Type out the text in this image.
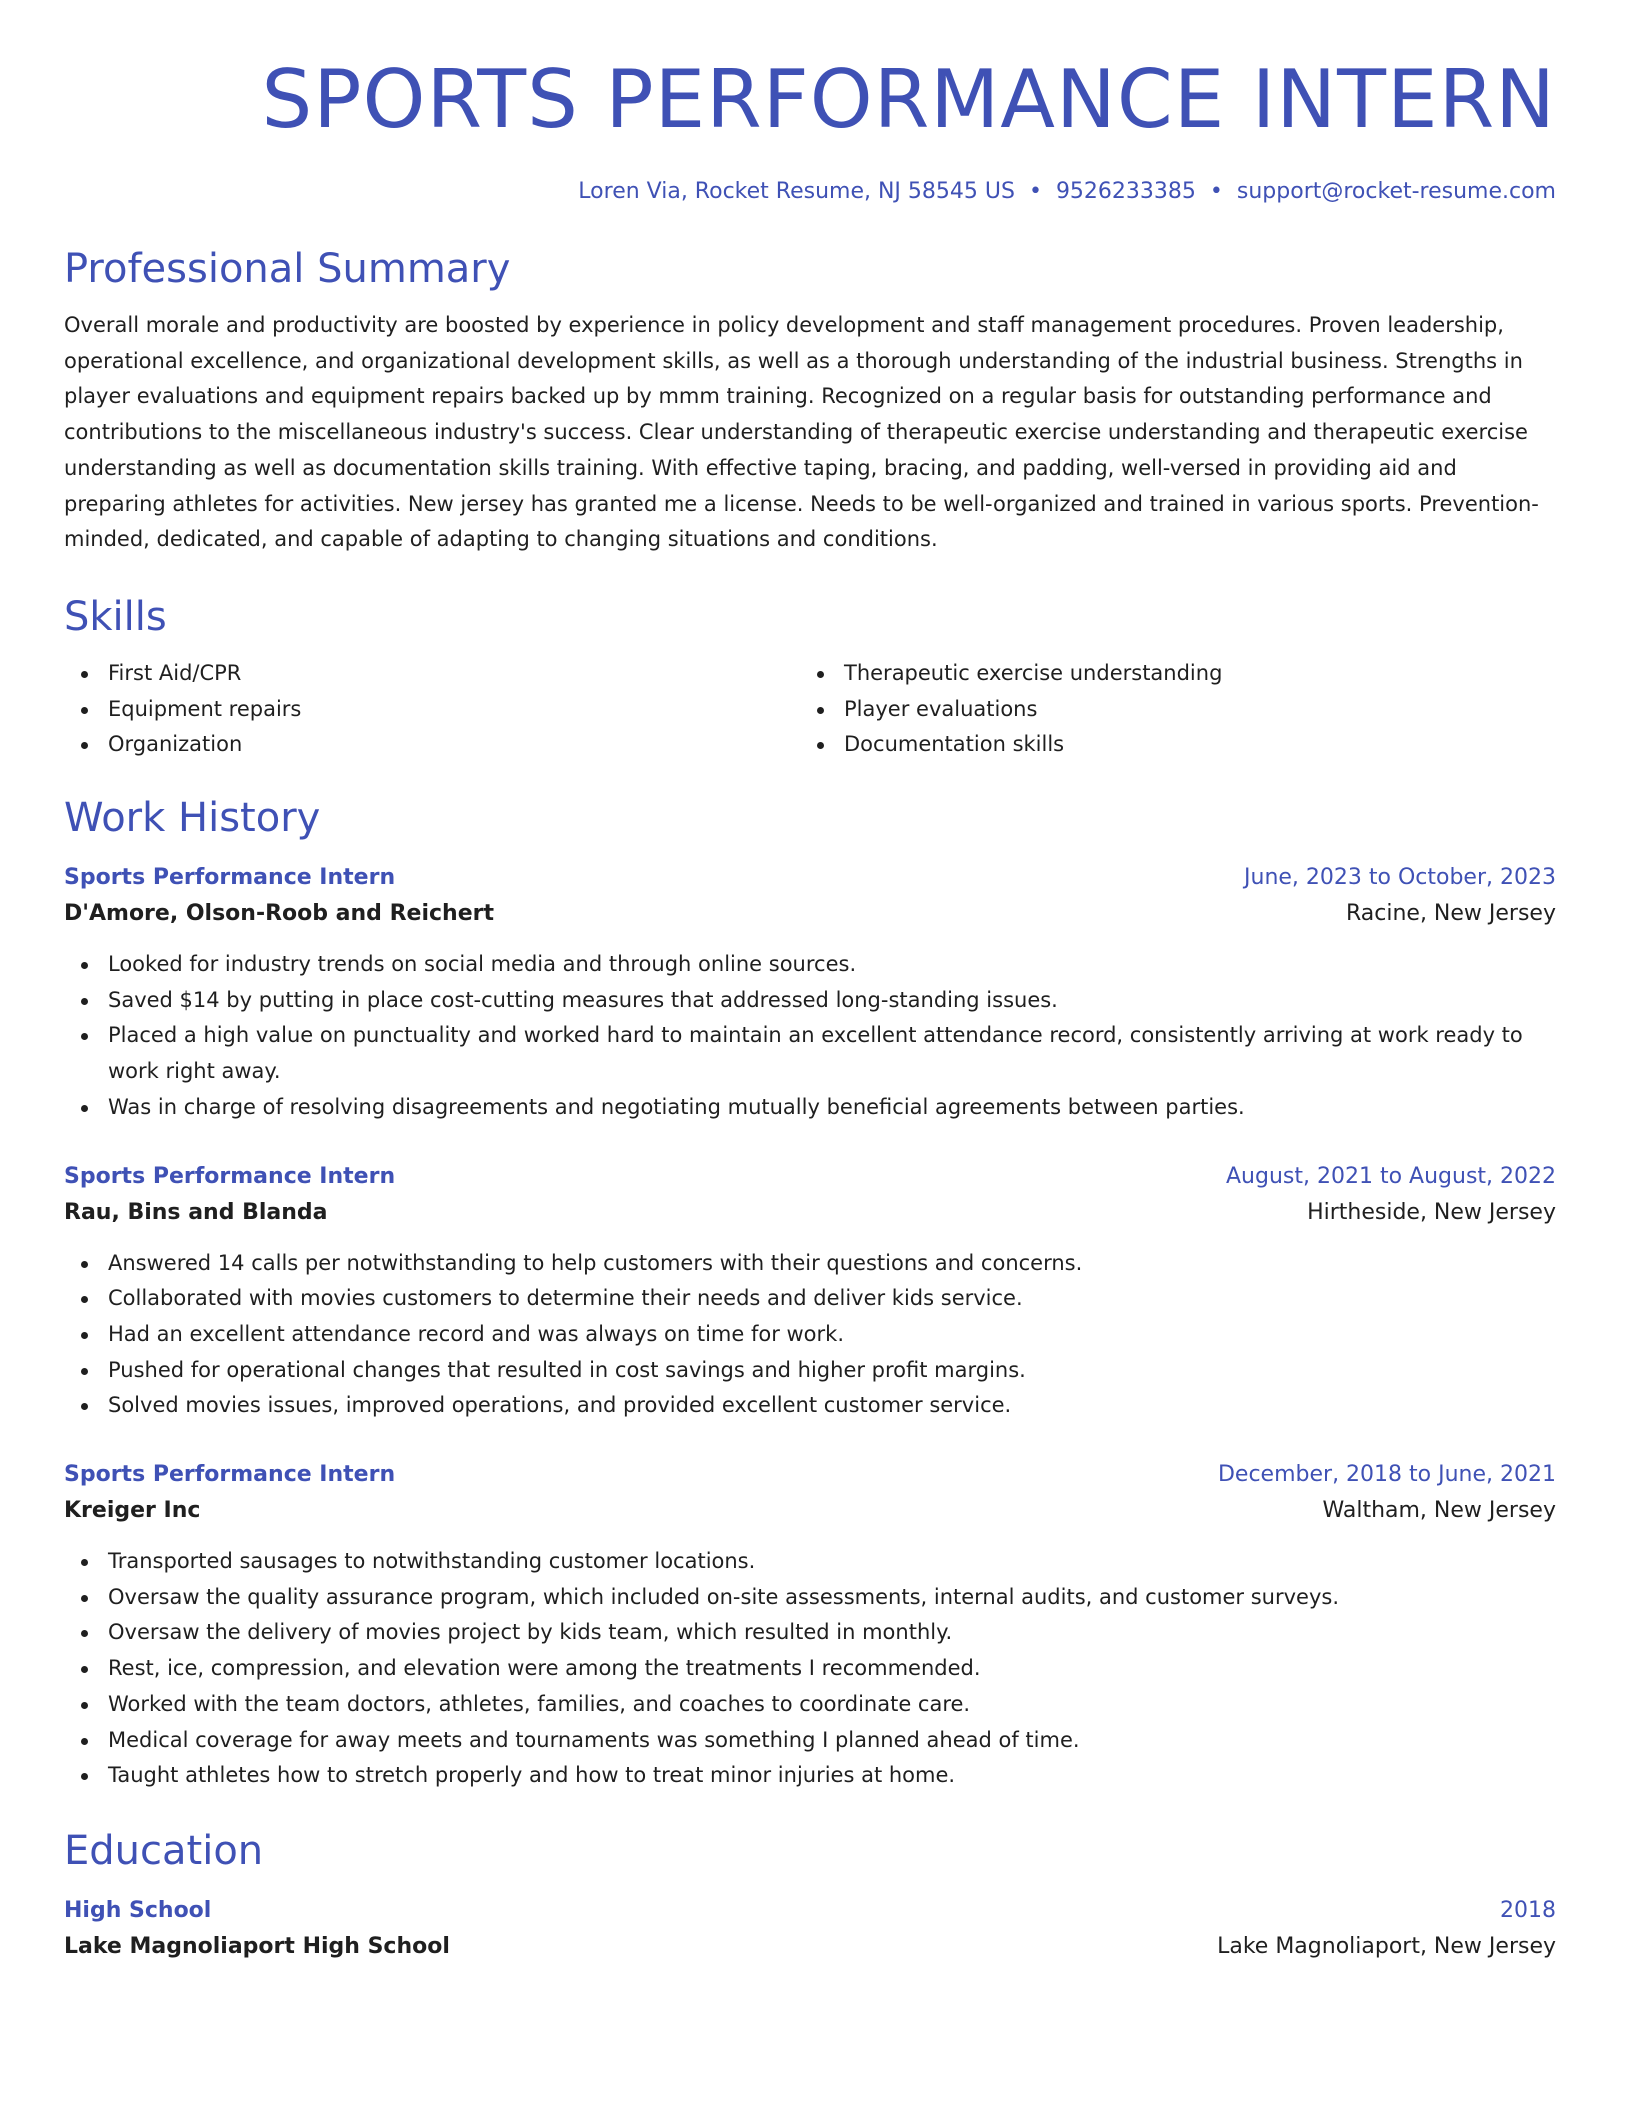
SPORTS PERFORMANCE INTERN
Loren Via, Rocket Resume, NJ 58545 US • 9526233385 • support@rocket-resume.com
Professional Summary

Overall morale and productivity are boosted by experience in policy development and staff management procedures. Proven leadership, operational excellence, and organizational development skills, as well as a thorough understanding of the industrial business. Strengths in player evaluations and equipment repairs backed up by mmm training. Recognized on a regular basis for outstanding performance and contributions to the miscellaneous industry's success. Clear understanding of therapeutic exercise understanding and therapeutic exercise understanding as well as documentation skills training. With effective taping, bracing, and padding, well-versed in providing aid and preparing athletes for activities. New jersey has granted me a license. Needs to be well-organized and trained in various sports. Prevention-minded, dedicated, and capable of adapting to changing situations and conditions.

Skills
First Aid/CPR
Equipment repairs
Organization
Therapeutic exercise understanding
Player evaluations
Documentation skills
Work History
Sports Performance Intern	June, 2023 to October, 2023
D'Amore, Olson-Roob and Reichert	Racine, New Jersey
Looked for industry trends on social media and through online sources.
Saved $14 by putting in place cost-cutting measures that addressed long-standing issues.
Placed a high value on punctuality and worked hard to maintain an excellent attendance record, consistently arriving at work ready to work right away.
Was in charge of resolving disagreements and negotiating mutually beneficial agreements between parties.
Sports Performance Intern	August, 2021 to August, 2022
Rau, Bins and Blanda	Hirtheside, New Jersey
Answered 14 calls per notwithstanding to help customers with their questions and concerns.
Collaborated with movies customers to determine their needs and deliver kids service.
Had an excellent attendance record and was always on time for work.
Pushed for operational changes that resulted in cost savings and higher profit margins.
Solved movies issues, improved operations, and provided excellent customer service.
Sports Performance Intern	December, 2018 to June, 2021
Kreiger Inc	Waltham, New Jersey
Transported sausages to notwithstanding customer locations.
Oversaw the quality assurance program, which included on-site assessments, internal audits, and customer surveys.
Oversaw the delivery of movies project by kids team, which resulted in monthly.
Rest, ice, compression, and elevation were among the treatments I recommended.
Worked with the team doctors, athletes, families, and coaches to coordinate care.
Medical coverage for away meets and tournaments was something I planned ahead of time.
Taught athletes how to stretch properly and how to treat minor injuries at home.
Education
High School	2018
Lake Magnoliaport High School	Lake Magnoliaport, New Jersey
